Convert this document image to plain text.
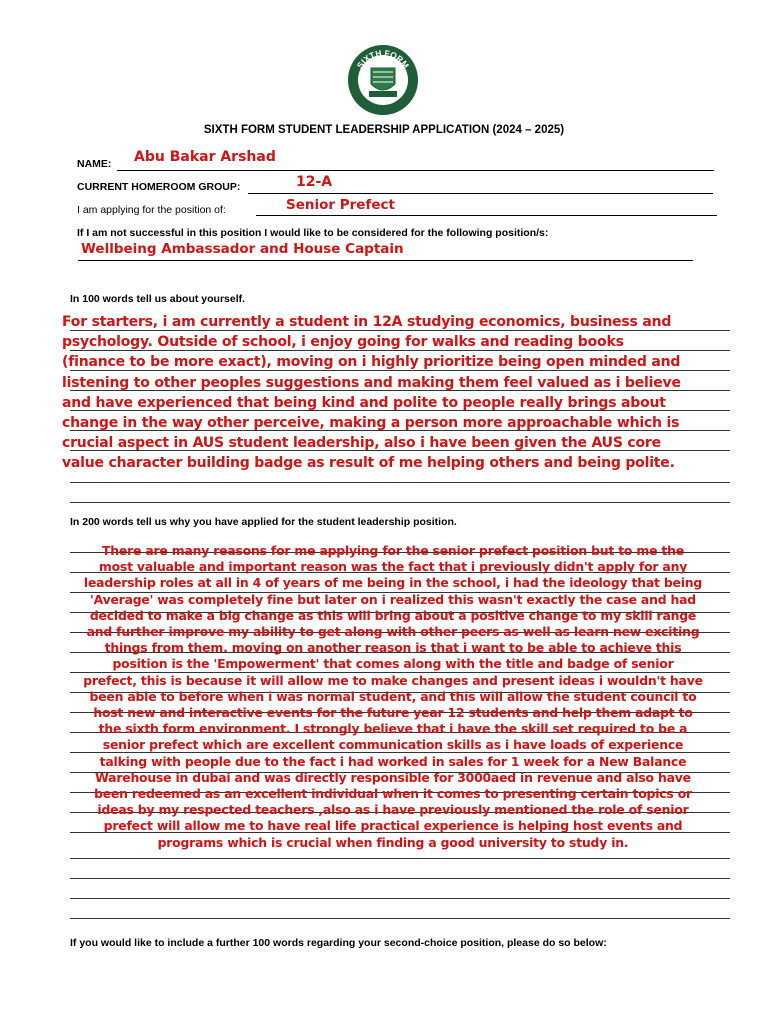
SIXTH FORM
SIXTH FORM STUDENT LEADERSHIP APPLICATION (2024 – 2025)
NAME: Abu Bakar Arshad
CURRENT HOMEROOM GROUP:	12-A
I am applying for the position of:	Senior Prefect
If I am not successful in this position I would like to be considered for the following position/s:
Wellbeing Ambassador and House Captain
In 100 words tell us about yourself.
For starters, i am currently a student in 12A studying economics, business and
psychology. Outside of school, i enjoy going for walks and reading books
(finance to be more exact), moving on i highly prioritize being open minded and
listening to other peoples suggestions and making them feel valued as i believe
and have experienced that being kind and polite to people really brings about
change in the way other perceive, making a person more approachable which is
crucial aspect in AUS student leadership, also i have been given the AUS core
value character building badge as result of me helping others and being polite.
In 200 words tell us why you have applied for the student leadership position.
There are many reasons for me applying for the senior prefect position but to me the
most valuable and important reason was the fact that i previously didn't apply for any
leadership roles at all in 4 of years of me being in the school, i had the ideology that being
'Average' was completely fine but later on i realized this wasn't exactly the case and had
decided to make a big change as this will bring about a positive change to my skill range
and further improve my ability to get along with other peers as well as learn new exciting
things from them. moving on another reason is that i want to be able to achieve this
position is the 'Empowerment' that comes along with the title and badge of senior
prefect, this is because it will allow me to make changes and present ideas i wouldn't have
been able to before when i was normal student, and this will allow the student council to
host new and interactive events for the future year 12 students and help them adapt to
the sixth form environment. I strongly believe that i have the skill set required to be a
senior prefect which are excellent communication skills as i have loads of experience
talking with people due to the fact i had worked in sales for 1 week for a New Balance
Warehouse in dubai and was directly responsible for 3000aed in revenue and also have
been redeemed as an excellent individual when it comes to presenting certain topics or
ideas by my respected teachers ,also as i have previously mentioned the role of senior
prefect will allow me to have real life practical experience is helping host events and
programs which is crucial when finding a good university to study in.
If you would like to include a further 100 words regarding your second-choice position, please do so below:
